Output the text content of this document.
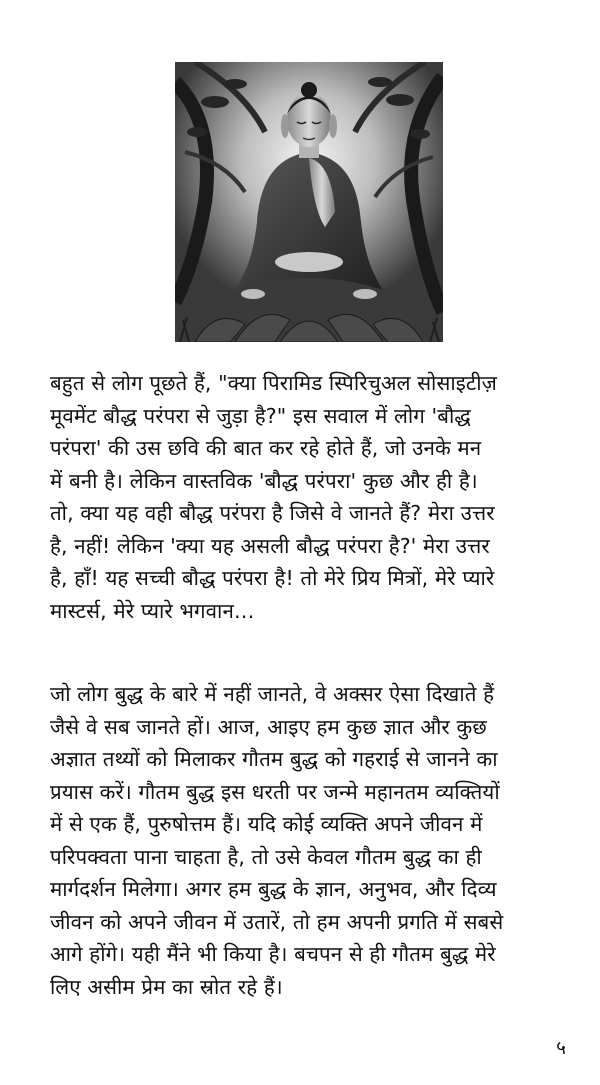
बहुत से लोग पूछते हैं, "क्या पिरामिड स्पिरिचुअल सोसाइटीज़
मूवमेंट बौद्ध परंपरा से जुड़ा है?" इस सवाल में लोग 'बौद्ध
परंपरा' की उस छवि की बात कर रहे होते हैं, जो उनके मन
में बनी है। लेकिन वास्तविक 'बौद्ध परंपरा' कुछ और ही है।
तो, क्या यह वही बौद्ध परंपरा है जिसे वे जानते हैं? मेरा उत्तर
है, नहीं! लेकिन 'क्या यह असली बौद्ध परंपरा है?' मेरा उत्तर
है, हाँ! यह सच्ची बौद्ध परंपरा है! तो मेरे प्रिय मित्रों, मेरे प्यारे
मास्टर्स, मेरे प्यारे भगवान…

जो लोग बुद्ध के बारे में नहीं जानते, वे अक्सर ऐसा दिखाते हैं
जैसे वे सब जानते हों। आज, आइए हम कुछ ज्ञात और कुछ
अज्ञात तथ्यों को मिलाकर गौतम बुद्ध को गहराई से जानने का
प्रयास करें। गौतम बुद्ध इस धरती पर जन्मे महानतम व्यक्तियों
में से एक हैं, पुरुषोत्तम हैं। यदि कोई व्यक्ति अपने जीवन में
परिपक्वता पाना चाहता है, तो उसे केवल गौतम बुद्ध का ही
मार्गदर्शन मिलेगा। अगर हम बुद्ध के ज्ञान, अनुभव, और दिव्य
जीवन को अपने जीवन में उतारें, तो हम अपनी प्रगति में सबसे
आगे होंगे। यही मैंने भी किया है। बचपन से ही गौतम बुद्ध मेरे
लिए असीम प्रेम का स्रोत रहे हैं।

५
